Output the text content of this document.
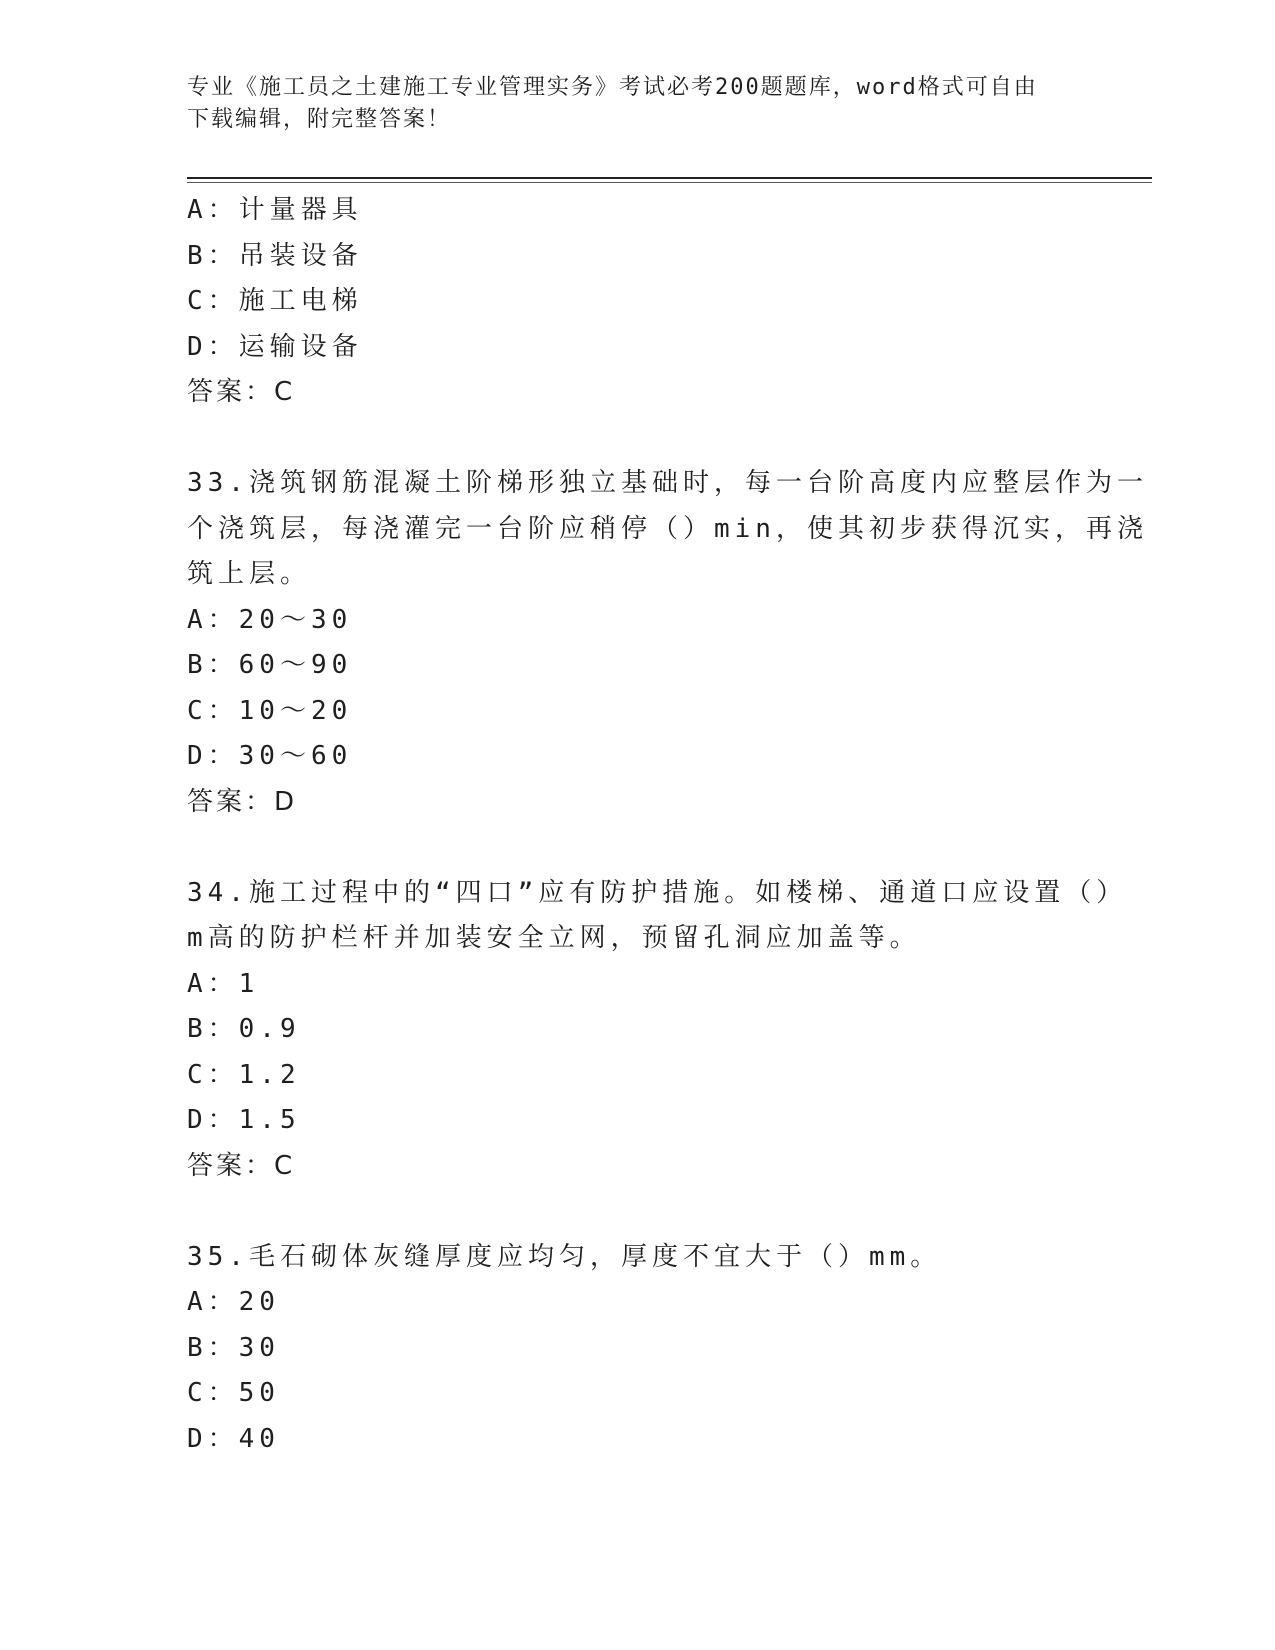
专业《施工员之土建施工专业管理实务》考试必考200题题库，word格式可自由
下载编辑，附完整答案！
A：计量器具
B：吊装设备
C：施工电梯
D：运输设备
答案：C
33.浇筑钢筋混凝土阶梯形独立基础时，每一台阶高度内应整层作为一
个浇筑层，每浇灌完一台阶应稍停（）min，使其初步获得沉实，再浇
筑上层。
A：20～30
B：60～90
C：10～20
D：30～60
答案：D
34.施工过程中的“四口”应有防护措施。如楼梯、通道口应设置（）
m高的防护栏杆并加装安全立网，预留孔洞应加盖等。
A：1
B：0.9
C：1.2
D：1.5
答案：C
35.毛石砌体灰缝厚度应均匀，厚度不宜大于（）mm。
A：20
B：30
C：50
D：40
